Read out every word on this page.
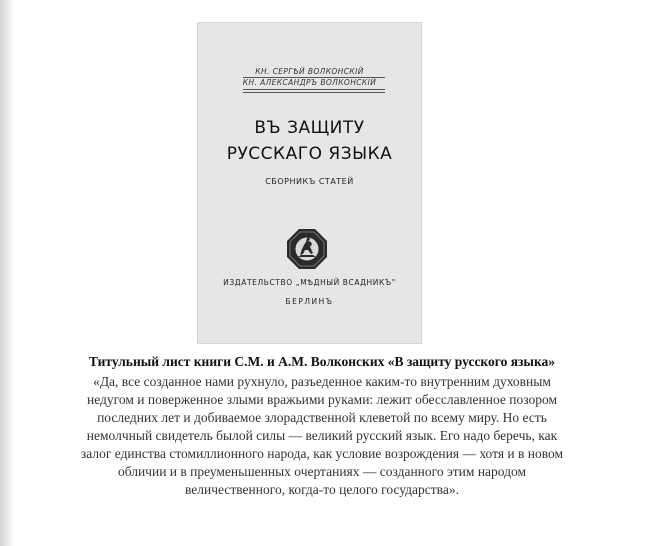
КН. СЕРГѢЙ ВОЛКОНСКІЙ
КН. АЛЕКСАНДРЪ ВОЛКОНСКІЙ
ВЪ ЗАЩИТУ
РУССКАГО ЯЗЫКА
СБОРНИКЪ СТАТЕЙ
ИЗДАТЕЛЬСТВО „МѢДНЫЙ ВСАДНИКЪ"
БЕРЛИНЪ
Титульный лист книги С.М. и А.М. Волконских «В защиту русского языка»
«Да, все созданное нами рухнуло, разъеденное каким-то внутренним духовным
недугом и поверженное злыми вражьими руками: лежит обесславленное позором
последних лет и добиваемое злорадственной клеветой по всему миру. Но есть
немолчный свидетель былой силы — великий русский язык. Его надо беречь, как
залог единства стомиллионного народа, как условие возрождения — хотя и в новом
обличии и в преуменьшенных очертаниях — созданного этим народом
величественного, когда-то целого государства».
